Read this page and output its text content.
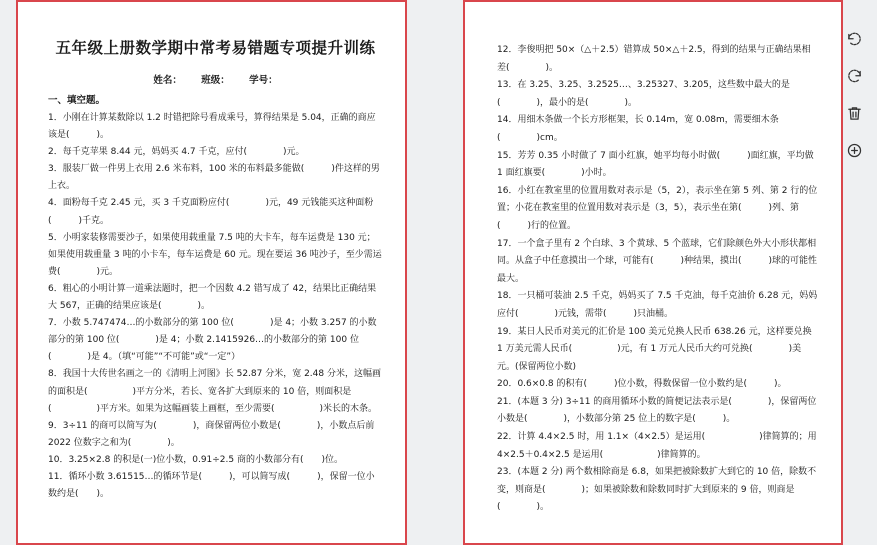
五年级上册数学期中常考易错题专项提升训练
姓名： 班级： 学号：
一、填空题。

1．小刚在计算某数除以 1.2 时错把除号看成乘号，算得结果是 5.04，正确的商应该是(　　　)。

2．每千克苹果 8.44 元，妈妈买 4.7 千克，应付(　　　　)元。

3．服装厂做一件男上衣用 2.6 米布料，100 米的布料最多能做(　　　)件这样的男上衣。

4．面粉每千克 2.45 元，买 3 千克面粉应付(　　　　)元，49 元钱能买这种面粉(　　　)千克。

5．小明家装修需要沙子，如果使用载重量 7.5 吨的大卡车，每车运费是 130 元；如果使用载重量 3 吨的小卡车，每车运费是 60 元。现在要运 36 吨沙子，至少需运费(　　　　)元。

6．粗心的小明计算一道乘法题时，把一个因数 4.2 错写成了 42，结果比正确结果大 567，正确的结果应该是(　　　　)。

7．小数 5.747474…的小数部分的第 100 位(　　　　)是 4；小数 3.257 的小数部分的第 100 位(　　　　)是 4；小数 2.1415926…的小数部分的第 100 位(　　　　)是 4。（填“可能”“不可能”或“一定”）

8．我国十大传世名画之一的《清明上河图》长 52.87 分米，宽 2.48 分米，这幅画的面积是(　　　　　)平方分米，若长、宽各扩大到原来的 10 倍，则面积是(　　　　　)平方米。如果为这幅画装上画框，至少需要(　　　　　)米长的木条。

9．3÷11 的商可以简写为(　　　　)，商保留两位小数是(　　　　)，小数点后前 2022 位数字之和为(　　　　)。

10．3.25×2.8 的积是(一)位小数，0.91÷2.5 商的小数部分有(　　)位。

11．循环小数 3.61515…的循环节是(　　　)，可以简写成(　　　)，保留一位小数约是(　　)。

12．李俊明把 50×（△＋2.5）错算成 50×△＋2.5，得到的结果与正确结果相差(　　　　)。

13．在 3.25、3.25、3.2525…、3.25327、3.205，这些数中最大的是(　　　　)，最小的是(　　　　)。

14．用细木条做一个长方形框架，长 0.14m，宽 0.08m，需要细木条(　　　　)cm。

15．芳芳 0.35 小时做了 7 面小红旗，她平均每小时做(　　　)面红旗，平均做 1 面红旗要(　　　　)小时。

16．小红在教室里的位置用数对表示是（5，2），表示坐在第 5 列、第 2 行的位置；小花在教室里的位置用数对表示是（3，5），表示坐在第(　　　)列、第(　　　)行的位置。

17．一个盒子里有 2 个白球、3 个黄球、5 个蓝球，它们除颜色外大小形状都相同。从盒子中任意摸出一个球，可能有(　　　)种结果，摸出(　　　)球的可能性最大。

18．一只桶可装油 2.5 千克，妈妈买了 7.5 千克油，每千克油价 6.28 元，妈妈应付(　　　　)元钱，需带(　　　)只油桶。

19．某日人民币对美元的汇价是 100 美元兑换人民币 638.26 元，这样要兑换 1 万美元需人民币(　　　　　)元，有 1 万元人民币大约可兑换(　　　　)美元。(保留两位小数)

20．0.6×0.8 的积有(　　　)位小数，得数保留一位小数约是(　　　)。

21．(本题 3 分) 3÷11 的商用循环小数的简便记法表示是(　　　　)，保留两位小数是(　　　　)，小数部分第 25 位上的数字是(　　　)。

22．计算 4.4×2.5 时，用 1.1×（4×2.5）是运用(　　　　　　)律简算的；用 4×2.5＋0.4×2.5 是运用(　　　　　　)律简算的。

23．(本题 2 分) 两个数相除商是 6.8，如果把被除数扩大到它的 10 倍，除数不变，则商是(　　　　)；如果被除数和除数同时扩大到原来的 9 倍，则商是(　　　　)。
